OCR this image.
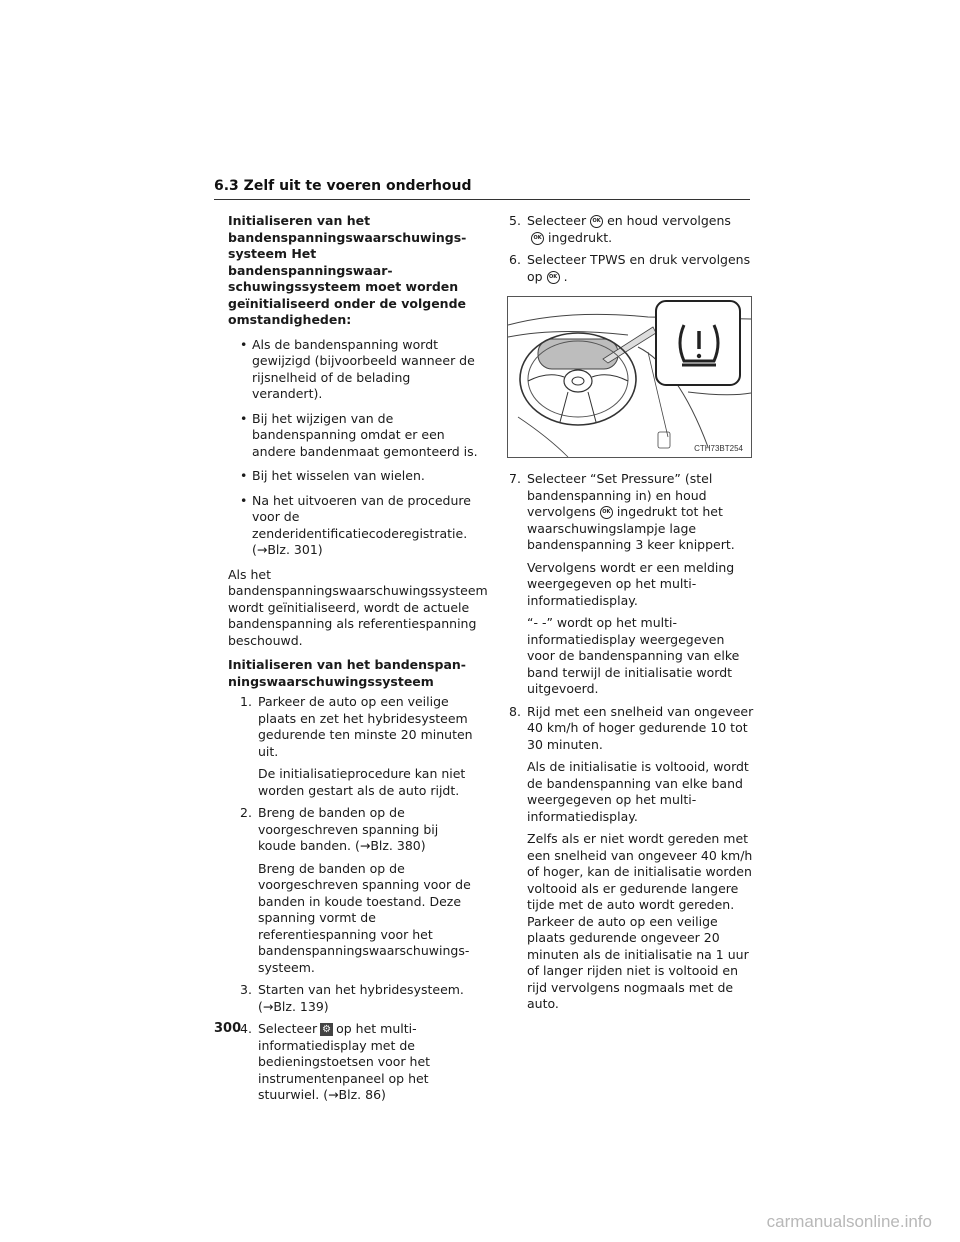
6.3 Zelf uit te voeren onderhoud

Initialiseren van het bandenspanningswaarschuwings-systeem Het bandenspanningswaar-schuwingssysteem moet worden geïnitialiseerd onder de volgende omstandigheden:

• Als de bandenspanning wordt gewijzigd (bijvoorbeeld wanneer de rijsnelheid of de belading verandert).
• Bij het wijzigen van de bandenspanning omdat er een andere bandenmaat gemonteerd is.
• Bij het wisselen van wielen.
• Na het uitvoeren van de procedure voor de zenderidentificatiecoderegistratie. (→Blz. 301)

Als het bandenspanningswaarschuwingssysteem wordt geïnitialiseerd, wordt de actuele bandenspanning als referentiespanning beschouwd.

Initialiseren van het bandenspan-ningswaarschuwingssysteem

1. Parkeer de auto op een veilige plaats en zet het hybridesysteem gedurende ten minste 20 minuten uit.
De initialisatieprocedure kan niet worden gestart als de auto rijdt.
2. Breng de banden op de voorgeschreven spanning bij koude banden. (→Blz. 380)
Breng de banden op de voorgeschreven spanning voor de banden in koude toestand. Deze spanning vormt de referentiespanning voor het bandenspanningswaarschuwings-systeem.
3. Starten van het hybridesysteem. (→Blz. 139)
4. Selecteer ⚙ op het multi-informatiedisplay met de bedieningstoetsen voor het instrumentenpaneel op het stuurwiel. (→Blz. 86)
5. Selecteer OK en houd vervolgens
OK ingedrukt.
6. Selecteer TPWS en druk vervolgens op OK .
7. Selecteer “Set Pressure” (stel bandenspanning in) en houd vervolgens OK ingedrukt tot het waarschuwingslampje lage bandenspanning 3 keer knippert.
Vervolgens wordt er een melding weergegeven op het multi-informatiedisplay.
“- -” wordt op het multi-informatiedisplay weergegeven voor de bandenspanning van elke band terwijl de initialisatie wordt uitgevoerd.
8. Rijd met een snelheid van ongeveer 40 km/h of hoger gedurende 10 tot 30 minuten.
Als de initialisatie is voltooid, wordt de bandenspanning van elke band weergegeven op het multi-informatiedisplay.
Zelfs als er niet wordt gereden met een snelheid van ongeveer 40 km/h of hoger, kan de initialisatie worden voltooid als er gedurende langere tijde met de auto wordt gereden. Parkeer de auto op een veilige plaats gedurende ongeveer 20 minuten als de initialisatie na 1 uur of langer rijden niet is voltooid en rijd vervolgens nogmaals met de auto.
CTH73BT254
300
carmanualsonline.info
